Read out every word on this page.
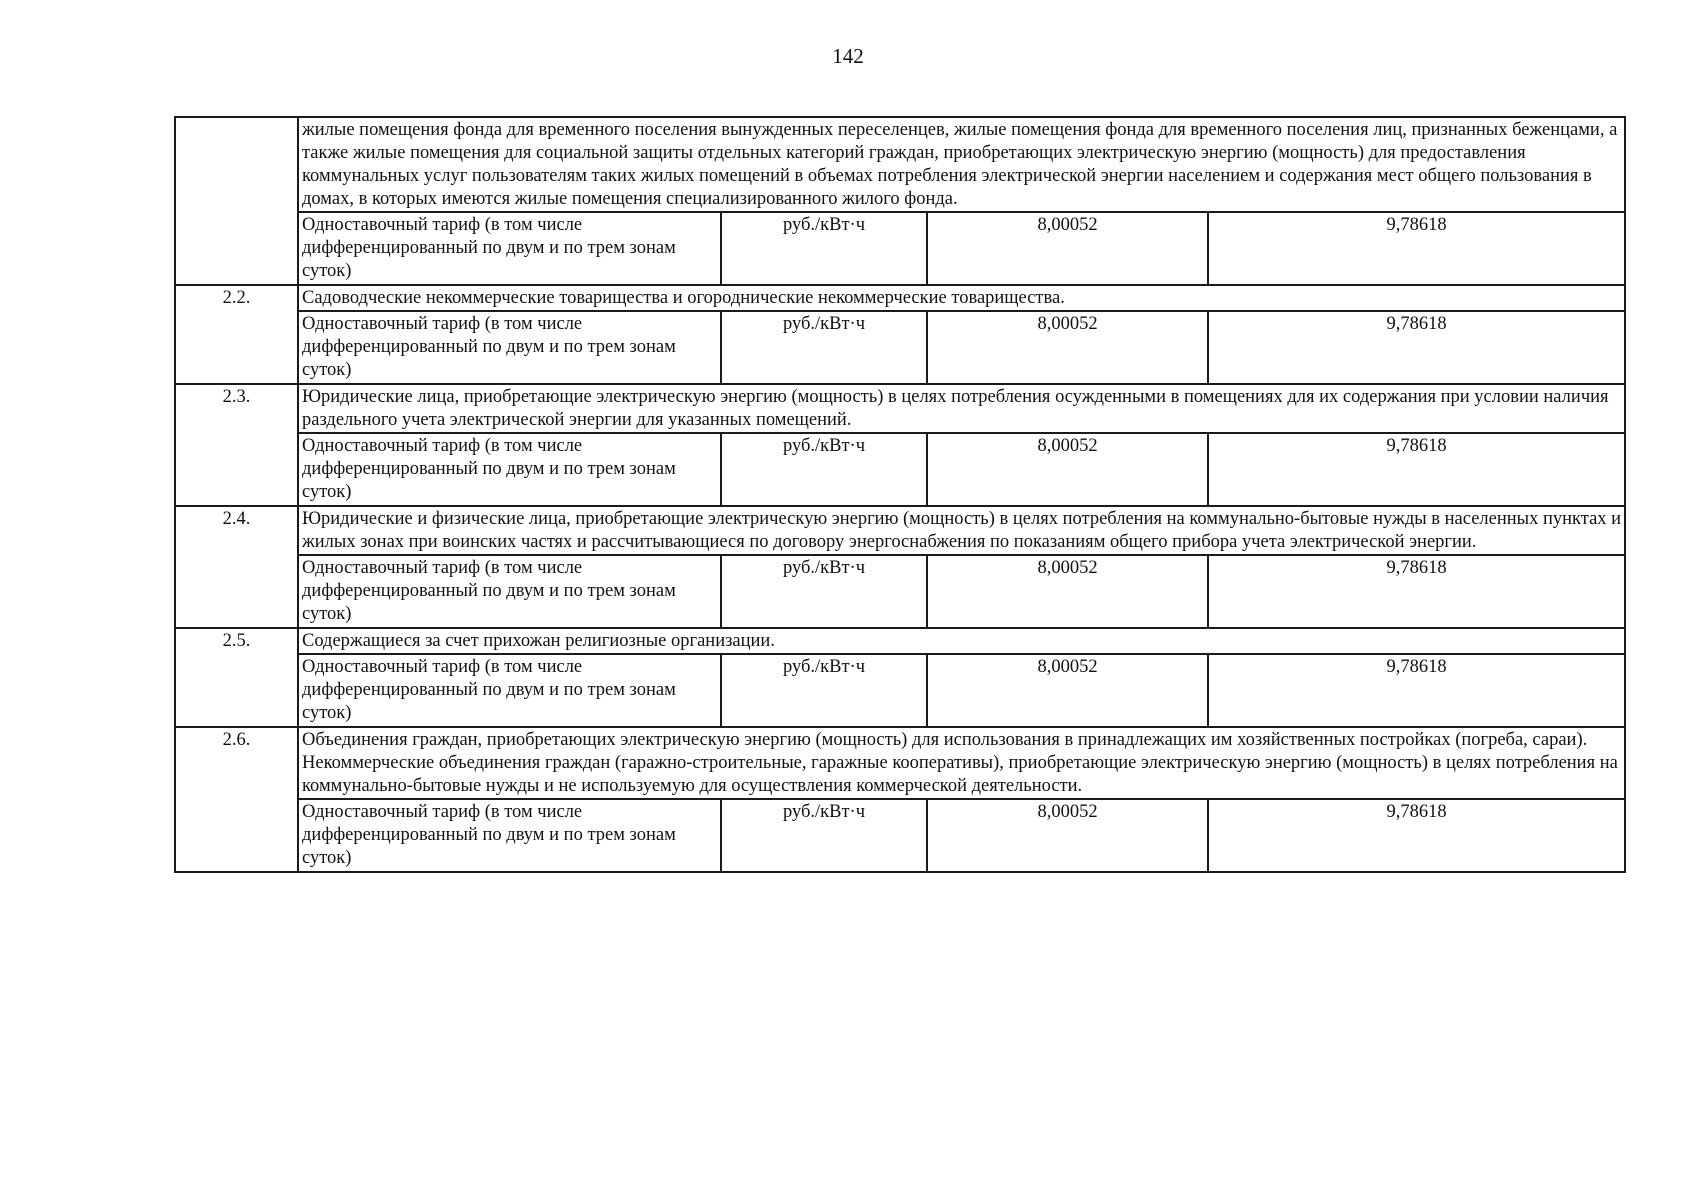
142

	жилые помещения фонда для временного поселения вынужденных переселенцев, жилые помещения фонда для временного поселения лиц, признанных беженцами, а также жилые помещения для социальной защиты отдельных категорий граждан, приобретающих электрическую энергию (мощность) для предоставления коммунальных услуг пользователям таких жилых помещений в объемах потребления электрической энергии населением и содержания мест общего пользования в домах, в которых имеются жилые помещения специализированного жилого фонда.			

	Одноставочный тариф (в том числе дифференцированный по двум и по трем зонам суток)	руб./кВт·ч	8,00052	9,78618
2.2.	Садоводческие некоммерческие товарищества и огороднические некоммерческие товарищества.			

	Одноставочный тариф (в том числе дифференцированный по двум и по трем зонам суток)	руб./кВт·ч	8,00052	9,78618
2.3.	Юридические лица, приобретающие электрическую энергию (мощность) в целях потребления осужденными в помещениях для их содержания при условии наличия раздельного учета электрической энергии для указанных помещений.			

	Одноставочный тариф (в том числе дифференцированный по двум и по трем зонам суток)	руб./кВт·ч	8,00052	9,78618
2.4.	Юридические и физические лица, приобретающие электрическую энергию (мощность) в целях потребления на коммунально-бытовые нужды в населенных пунктах и жилых зонах при воинских частях и рассчитывающиеся по договору энергоснабжения по показаниям общего прибора учета электрической энергии.			

	Одноставочный тариф (в том числе дифференцированный по двум и по трем зонам суток)	руб./кВт·ч	8,00052	9,78618
2.5.	Содержащиеся за счет прихожан религиозные организации.			

	Одноставочный тариф (в том числе дифференцированный по двум и по трем зонам суток)	руб./кВт·ч	8,00052	9,78618
2.6.	Объединения граждан, приобретающих электрическую энергию (мощность) для использования в принадлежащих им хозяйственных постройках (погреба, сараи).
Некоммерческие объединения граждан (гаражно-строительные, гаражные кооперативы), приобретающие электрическую энергию (мощность) в целях потребления на коммунально-бытовые нужды и не используемую для осуществления коммерческой деятельности.			

	Одноставочный тариф (в том числе дифференцированный по двум и по трем зонам суток)	руб./кВт·ч	8,00052	9,78618
